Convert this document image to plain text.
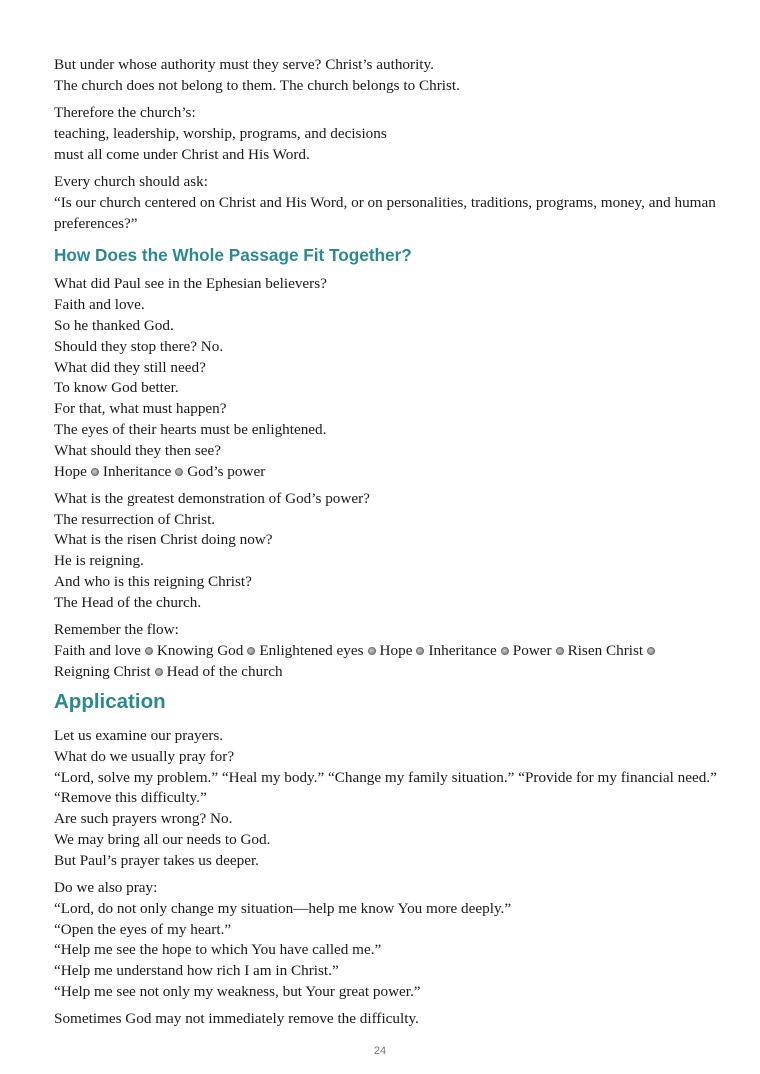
But under whose authority must they serve? Christ’s authority.
The church does not belong to them. The church belongs to Christ.
Therefore the church’s:
teaching, leadership, worship, programs, and decisions
must all come under Christ and His Word.
Every church should ask:
“Is our church centered on Christ and His Word, or on personalities, traditions, programs, money, and human preferences?”
How Does the Whole Passage Fit Together?
What did Paul see in the Ephesian believers?
Faith and love.
So he thanked God.
Should they stop there? No.
What did they still need?
To know God better.
For that, what must happen?
The eyes of their hearts must be enlightened.
What should they then see?
Hope Inheritance God’s power
What is the greatest demonstration of God’s power?
The resurrection of Christ.
What is the risen Christ doing now?
He is reigning.
And who is this reigning Christ?
The Head of the church.
Remember the flow:
Faith and love Knowing God Enlightened eyes Hope Inheritance Power Risen Christ Reigning Christ Head of the church
Application
Let us examine our prayers.
What do we usually pray for?
“Lord, solve my problem.” “Heal my body.” “Change my family situation.” “Provide for my financial need.” “Remove this difficulty.”
Are such prayers wrong? No.
We may bring all our needs to God.
But Paul’s prayer takes us deeper.
Do we also pray:
“Lord, do not only change my situation—help me know You more deeply.”
“Open the eyes of my heart.”
“Help me see the hope to which You have called me.”
“Help me understand how rich I am in Christ.”
“Help me see not only my weakness, but Your great power.”
Sometimes God may not immediately remove the difficulty.
24
